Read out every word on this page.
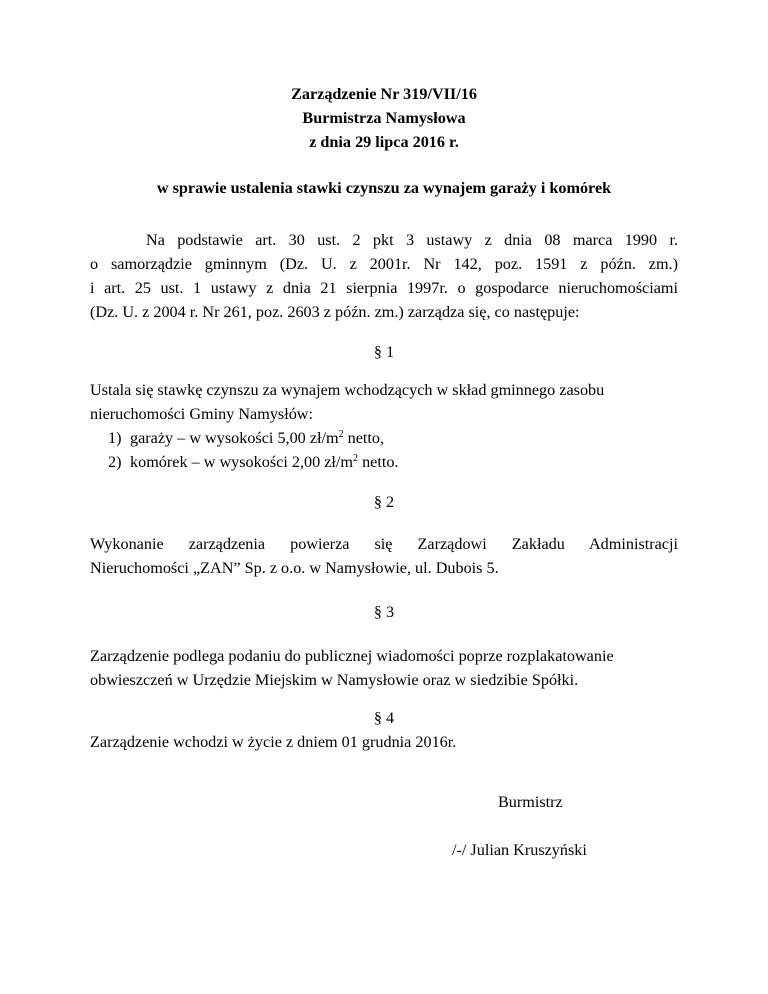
Zarządzenie Nr 319/VII/16
Burmistrza Namysłowa
z dnia 29 lipca 2016 r.
w sprawie ustalenia stawki czynszu za wynajem garaży i komórek
Na podstawie art. 30 ust. 2 pkt 3 ustawy z dnia 08 marca 1990 r.
o samorządzie gminnym (Dz. U. z 2001r. Nr 142, poz. 1591 z późn. zm.)
i art. 25 ust. 1 ustawy z dnia 21 sierpnia 1997r. o gospodarce nieruchomościami
(Dz. U. z 2004 r. Nr 261, poz. 2603 z późn. zm.) zarządza się, co następuje:
§ 1
Ustala się stawkę czynszu za wynajem wchodzących w skład gminnego zasobu
nieruchomości Gminy Namysłów:
1) garaży – w wysokości 5,00 $zł/m^2$ netto,
2) komórek – w wysokości 2,00 $zł/m^2$ netto.
§ 2
Wykonanie zarządzenia powierza się Zarządowi Zakładu Administracji
Nieruchomości „ZAN” Sp. z o.o. w Namysłowie, ul. Dubois 5.
§ 3
Zarządzenie podlega podaniu do publicznej wiadomości poprze rozplakatowanie
obwieszczeń w Urzędzie Miejskim w Namysłowie oraz w siedzibie Spółki.
§ 4
Zarządzenie wchodzi w życie z dniem 01 grudnia 2016r.
Burmistrz
/-/ Julian Kruszyński
